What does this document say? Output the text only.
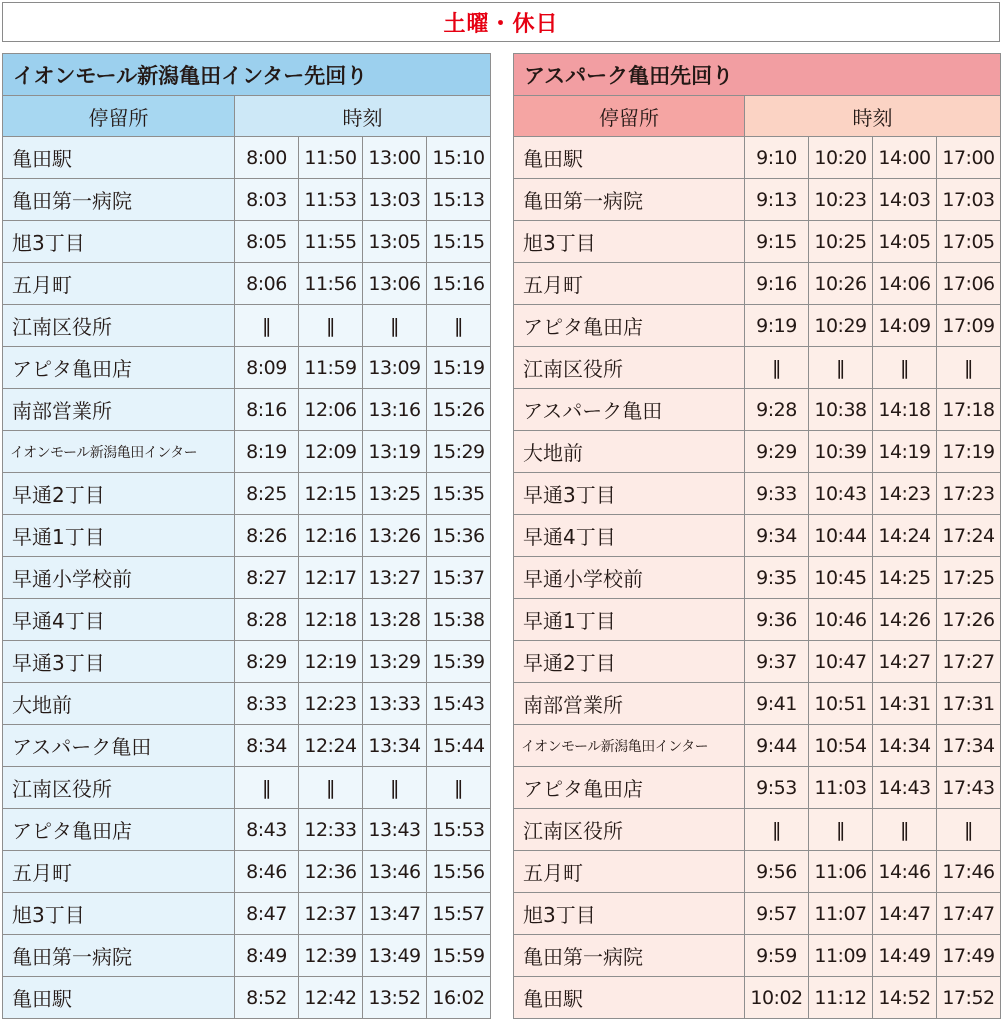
土曜・休日
イオンモール新潟亀田インター先回り				
停留所	時刻			
亀田駅	8:00	11:50	13:00	15:10
亀田第一病院	8:03	11:53	13:03	15:13
旭3丁目	8:05	11:55	13:05	15:15
五月町	8:06	11:56	13:06	15:16
江南区役所	‖	‖	‖	‖
アピタ亀田店	8:09	11:59	13:09	15:19
南部営業所	8:16	12:06	13:16	15:26
イオンモール新潟亀田インター	8:19	12:09	13:19	15:29
早通2丁目	8:25	12:15	13:25	15:35
早通1丁目	8:26	12:16	13:26	15:36
早通小学校前	8:27	12:17	13:27	15:37
早通4丁目	8:28	12:18	13:28	15:38
早通3丁目	8:29	12:19	13:29	15:39
大地前	8:33	12:23	13:33	15:43
アスパーク亀田	8:34	12:24	13:34	15:44
江南区役所	‖	‖	‖	‖
アピタ亀田店	8:43	12:33	13:43	15:53
五月町	8:46	12:36	13:46	15:56
旭3丁目	8:47	12:37	13:47	15:57
亀田第一病院	8:49	12:39	13:49	15:59
亀田駅	8:52	12:42	13:52	16:02
アスパーク亀田先回り				
停留所	時刻			
亀田駅	9:10	10:20	14:00	17:00
亀田第一病院	9:13	10:23	14:03	17:03
旭3丁目	9:15	10:25	14:05	17:05
五月町	9:16	10:26	14:06	17:06
アピタ亀田店	9:19	10:29	14:09	17:09
江南区役所	‖	‖	‖	‖
アスパーク亀田	9:28	10:38	14:18	17:18
大地前	9:29	10:39	14:19	17:19
早通3丁目	9:33	10:43	14:23	17:23
早通4丁目	9:34	10:44	14:24	17:24
早通小学校前	9:35	10:45	14:25	17:25
早通1丁目	9:36	10:46	14:26	17:26
早通2丁目	9:37	10:47	14:27	17:27
南部営業所	9:41	10:51	14:31	17:31
イオンモール新潟亀田インター	9:44	10:54	14:34	17:34
アピタ亀田店	9:53	11:03	14:43	17:43
江南区役所	‖	‖	‖	‖
五月町	9:56	11:06	14:46	17:46
旭3丁目	9:57	11:07	14:47	17:47
亀田第一病院	9:59	11:09	14:49	17:49
亀田駅	10:02	11:12	14:52	17:52
